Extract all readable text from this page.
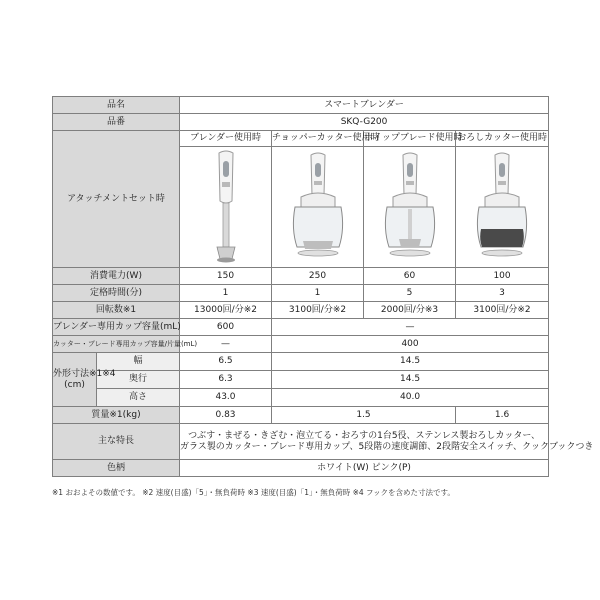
品名		スマートブレンダー			
品番		SKQ-G200			
アタッチメントセット時		ブレンダー使用時	チョッパーカッター使用時	ホイップブレード使用時	おろしカッター使用時

消費電力(W)		150	250	60	100
定格時間(分)		1	1	5	3
回転数※1		13000回/分※2	3100回/分※2	2000回/分※3	3100回/分※2
ブレンダー専用カップ容量(mL)		600	—		
カッター・ブレード専用カップ容量/片量(mL)		—	400		
外形寸法※1※4
(cm)	幅	6.5	14.5		
	奥行	6.3	14.5		
	高さ	43.0	40.0		
質量※1(kg)		0.83	1.5		1.6
主な特長		つぶす・まぜる・きざむ・泡立てる・おろすの1台5役、ステンレス製おろしカッター、
ガラス製のカッター・ブレード専用カップ、5段階の速度調節、2段階安全スイッチ、クックブックつき			
色柄		ホワイト(W) ピンク(P)			
※1 おおよその数値です。 ※2 速度(目盛)「5」・無負荷時 ※3 速度(目盛)「1」・無負荷時 ※4 フックを含めた寸法です。
